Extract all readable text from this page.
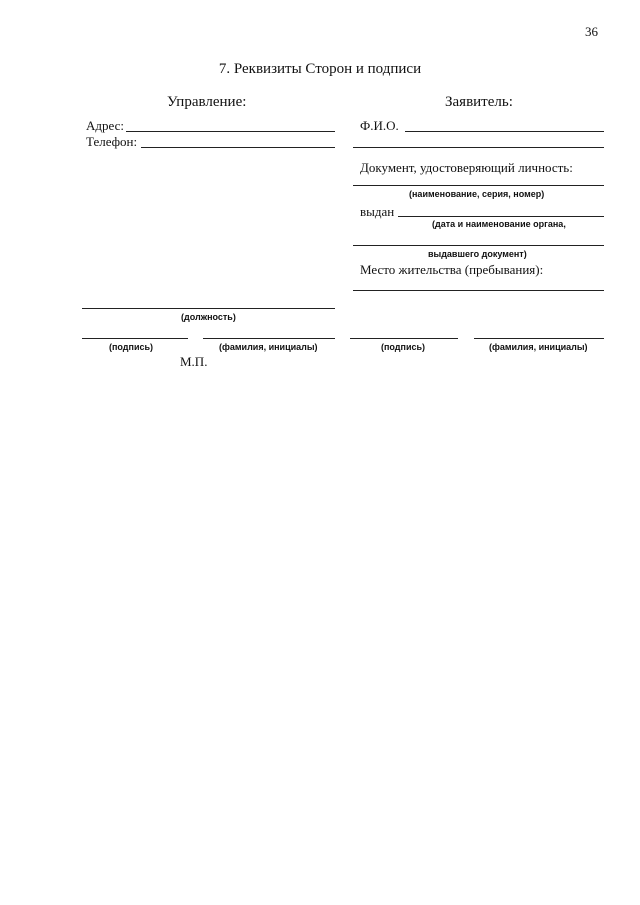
36
7. Реквизиты Сторон и подписи
Управление:
Адрес:
Телефон:
(должность)
(подпись)	(фамилия, инициалы)
М.П.
Заявитель:
Ф.И.О.
Документ, удостоверяющий личность:
(наименование, серия, номер)
выдан
(дата и наименование органа,
выдавшего документ)
Место жительства (пребывания):
(подпись)	(фамилия, инициалы)
